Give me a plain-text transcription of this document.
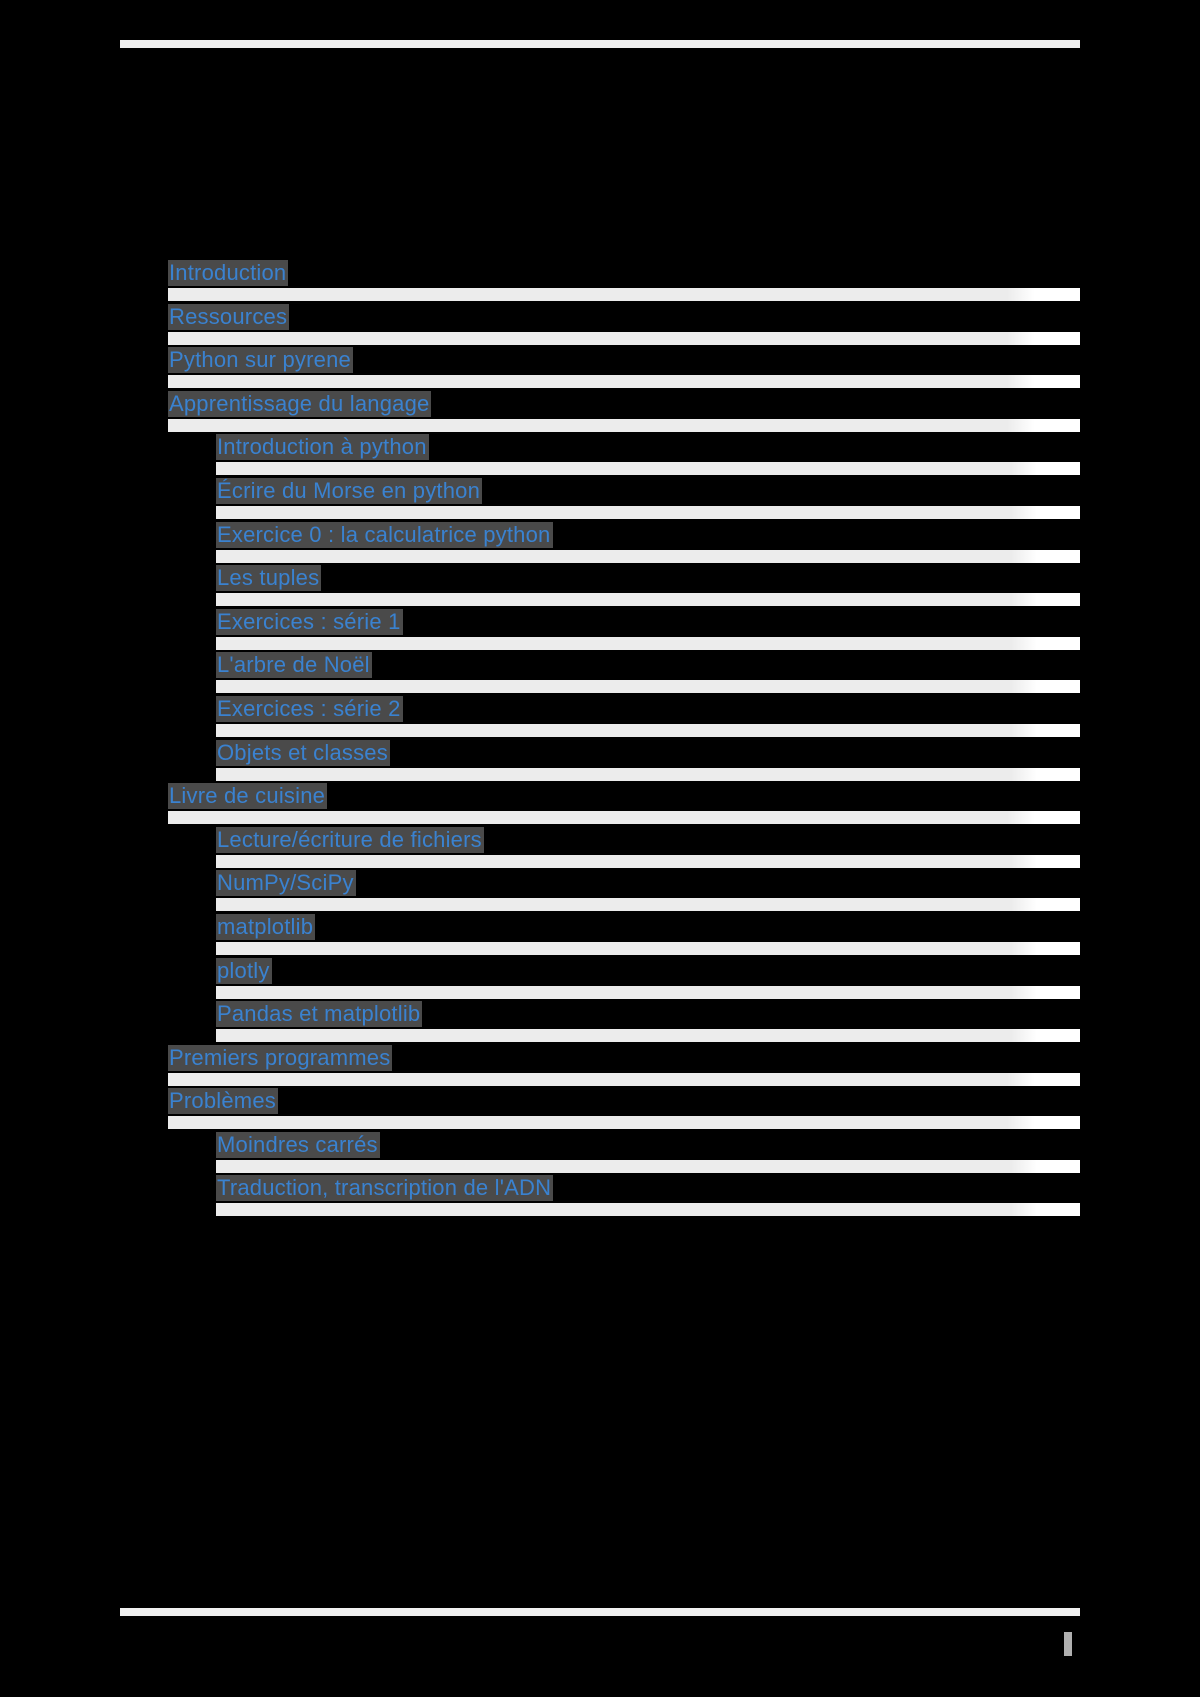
Introduction
Ressources
Python sur pyrene
Apprentissage du langage
Introduction à python
Écrire du Morse en python
Exercice 0 : la calculatrice python
Les tuples
Exercices : série 1
L'arbre de Noël
Exercices : série 2
Objets et classes
Livre de cuisine
Lecture/écriture de fichiers
NumPy/SciPy
matplotlib
plotly
Pandas et matplotlib
Premiers programmes
Problèmes
Moindres carrés
Traduction, transcription de l'ADN
